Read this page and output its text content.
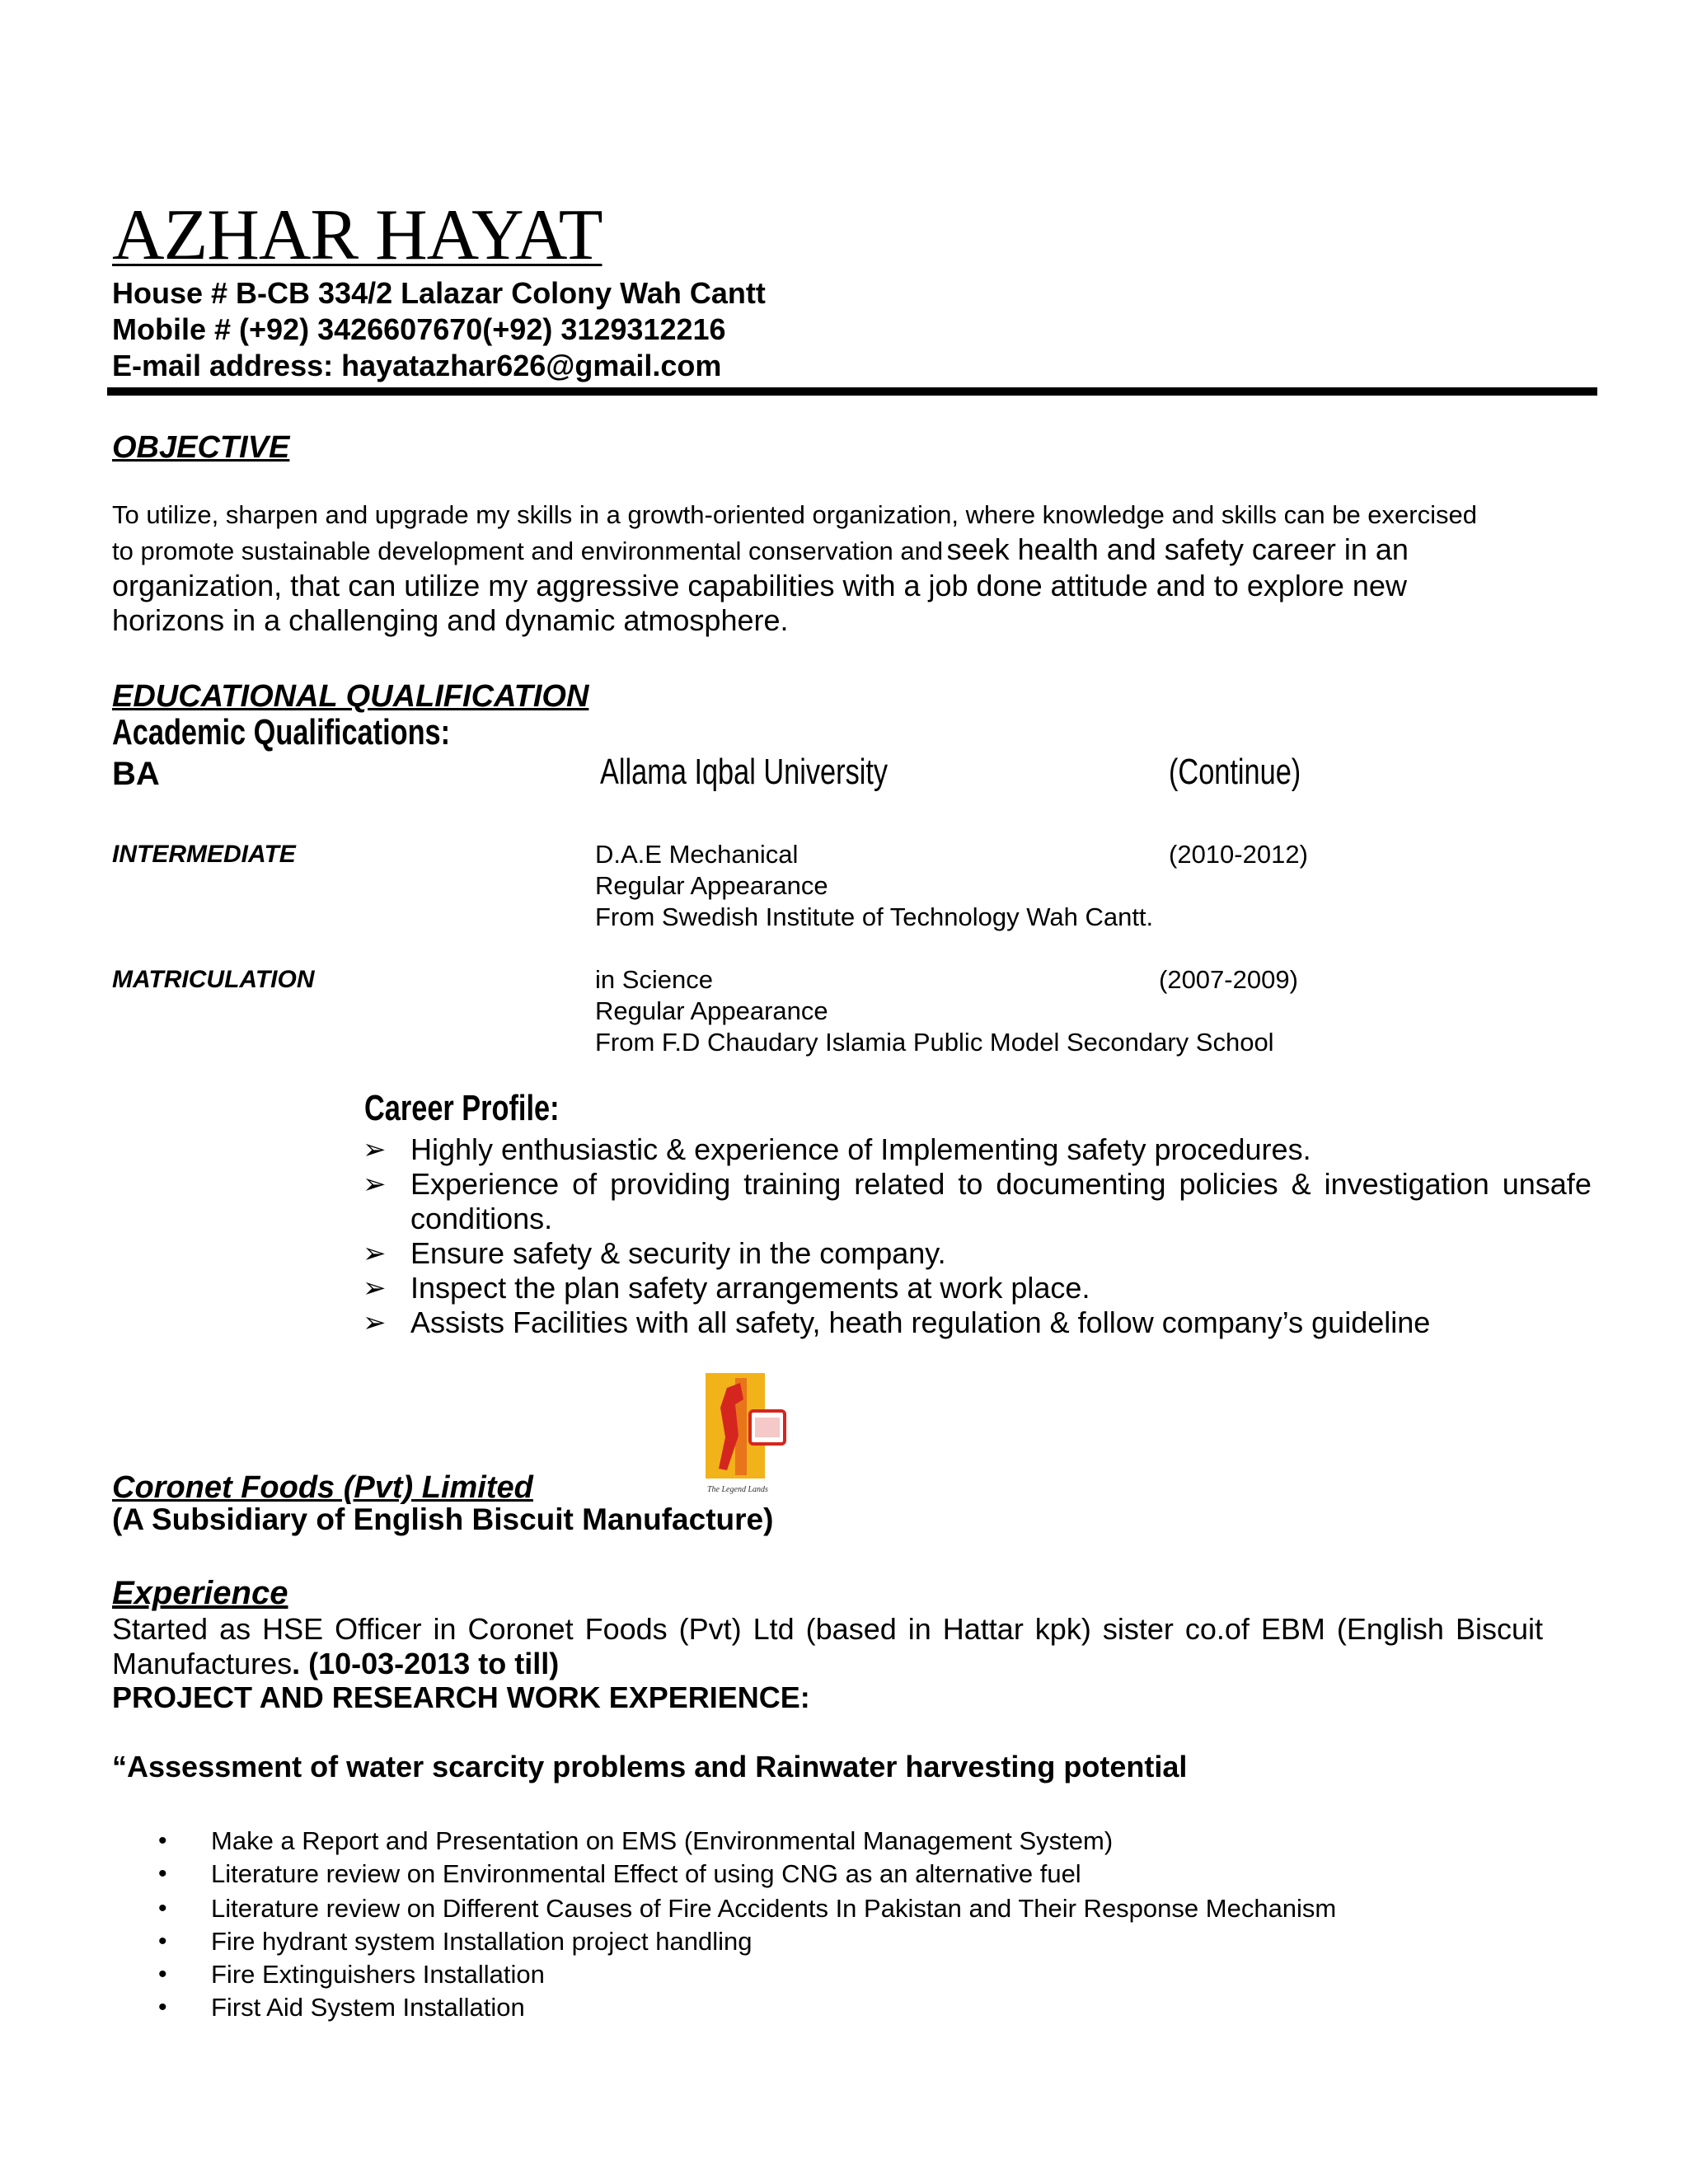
AZHAR HAYAT
House # B-CB 334/2 Lalazar Colony Wah Cantt
Mobile # (+92) 3426607670(+92) 3129312216
E-mail address: hayatazhar626@gmail.com
OBJECTIVE
To utilize, sharpen and upgrade my skills in a growth-oriented organization, where knowledge and skills can be exercised
to promote sustainable development and environmental conservation and seek health and safety career in an
organization, that can utilize my aggressive capabilities with a job done attitude and to explore new
horizons in a challenging and dynamic atmosphere.
EDUCATIONAL QUALIFICATION
Academic Qualifications:
BA	Allama Iqbal University	(Continue)
INTERMEDIATE	D.A.E Mechanical	(2010-2012)
Regular Appearance
From Swedish Institute of Technology Wah Cantt.
MATRICULATION	in Science	(2007-2009)
Regular Appearance
From F.D Chaudary Islamia Public Model Secondary School
Career Profile:
➢ Highly enthusiastic & experience of Implementing safety procedures.
➢ Experience of providing training related to documenting policies & investigation unsafe
conditions.
➢ Ensure safety & security in the company.
➢ Inspect the plan safety arrangements at work place.
➢ Assists Facilities with all safety, heath regulation & follow company’s guideline
The Legend Lands
Coronet Foods (Pvt) Limited
(A Subsidiary of English Biscuit Manufacture)
Experience
Started as HSE Officer in Coronet Foods (Pvt) Ltd (based in Hattar kpk) sister co.of EBM (English Biscuit
Manufactures. (10-03-2013 to till)
PROJECT AND RESEARCH WORK EXPERIENCE:
“Assessment of water scarcity problems and Rainwater harvesting potential
• Make a Report and Presentation on EMS (Environmental Management System)
• Literature review on Environmental Effect of using CNG as an alternative fuel
• Literature review on Different Causes of Fire Accidents In Pakistan and Their Response Mechanism
• Fire hydrant system Installation project handling
• Fire Extinguishers Installation
• First Aid System Installation
